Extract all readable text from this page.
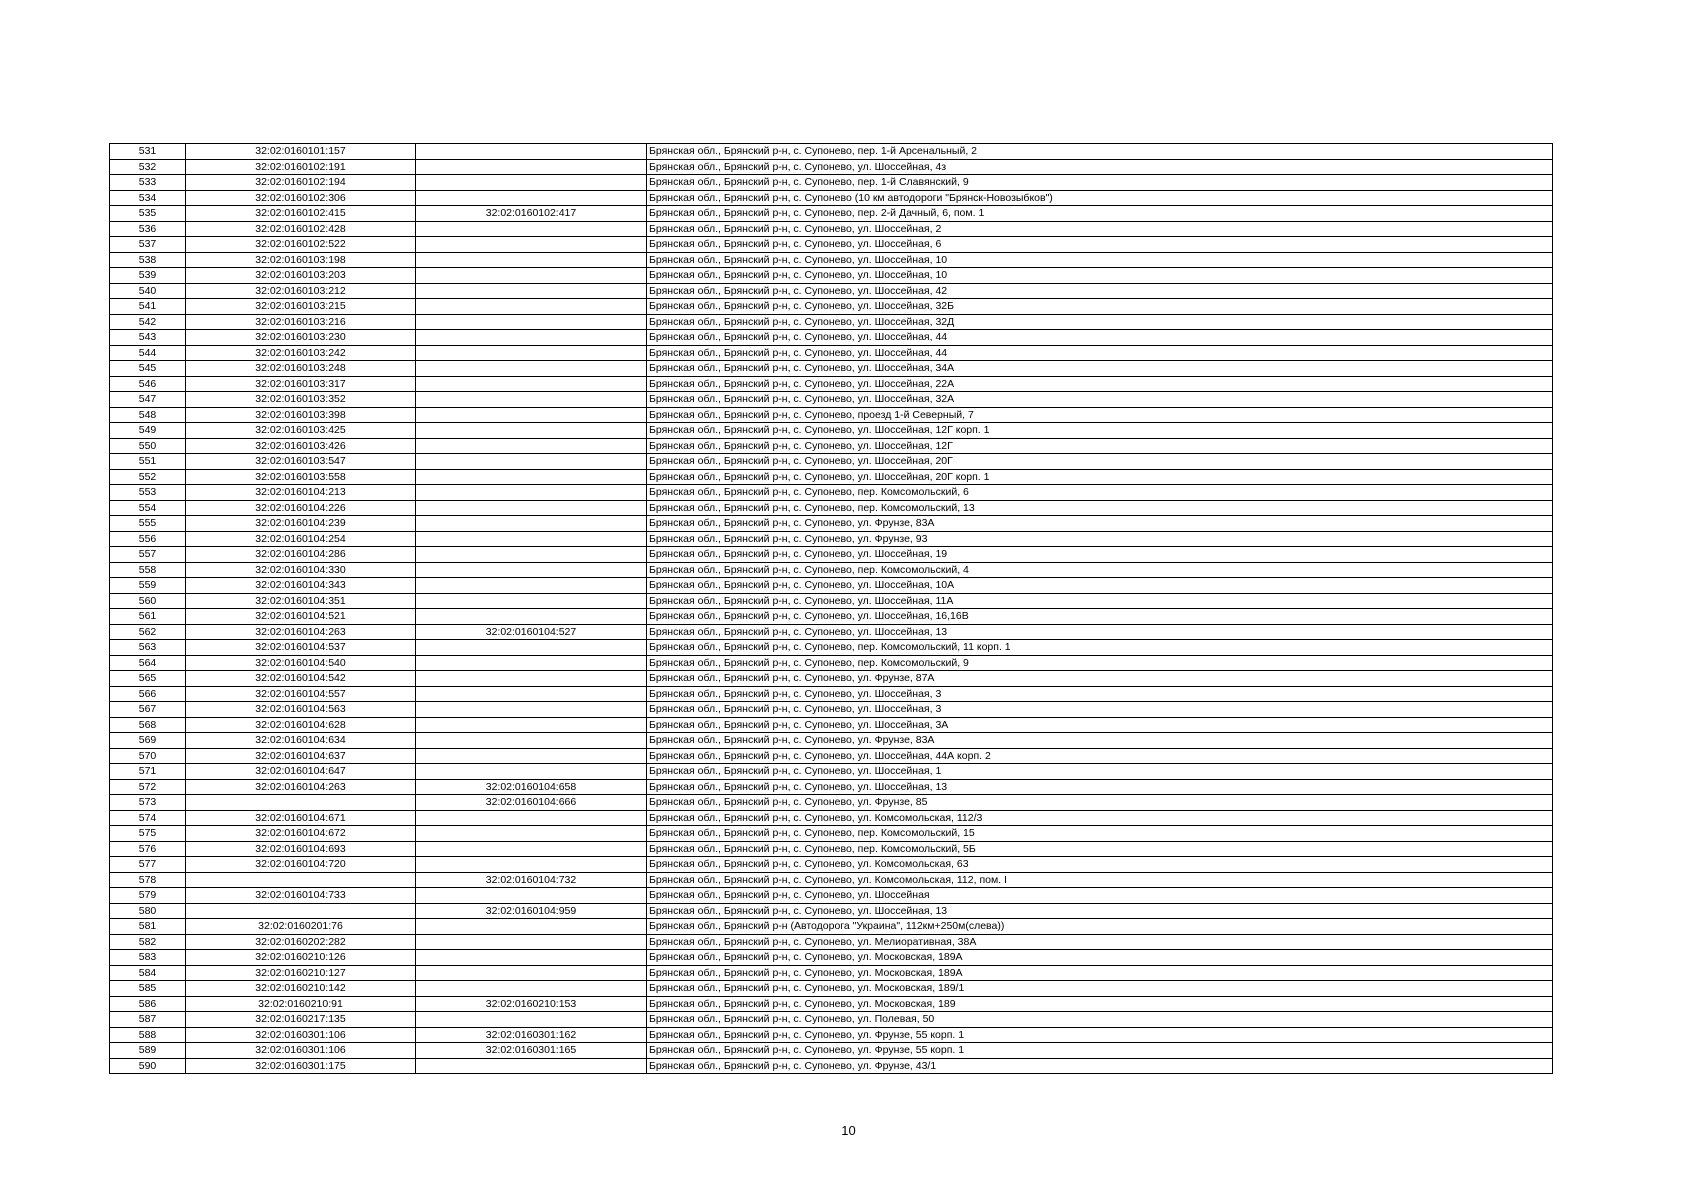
531	32:02:0160101:157		Брянская обл., Брянский р-н, с. Супонево, пер. 1-й Арсенальный, 2
532	32:02:0160102:191		Брянская обл., Брянский р-н, с. Супонево, ул. Шоссейная, 4з
533	32:02:0160102:194		Брянская обл., Брянский р-н, с. Супонево, пер. 1-й Славянский, 9
534	32:02:0160102:306		Брянская обл., Брянский р-н, с. Супонево (10 км автодороги "Брянск-Новозыбков")
535	32:02:0160102:415	32:02:0160102:417	Брянская обл., Брянский р-н, с. Супонево, пер. 2-й Дачный, 6, пом. 1
536	32:02:0160102:428		Брянская обл., Брянский р-н, с. Супонево, ул. Шоссейная, 2
537	32:02:0160102:522		Брянская обл., Брянский р-н, с. Супонево, ул. Шоссейная, 6
538	32:02:0160103:198		Брянская обл., Брянский р-н, с. Супонево, ул. Шоссейная, 10
539	32:02:0160103:203		Брянская обл., Брянский р-н, с. Супонево, ул. Шоссейная, 10
540	32:02:0160103:212		Брянская обл., Брянский р-н, с. Супонево, ул. Шоссейная, 42
541	32:02:0160103:215		Брянская обл., Брянский р-н, с. Супонево, ул. Шоссейная, 32Б
542	32:02:0160103:216		Брянская обл., Брянский р-н, с. Супонево, ул. Шоссейная, 32Д
543	32:02:0160103:230		Брянская обл., Брянский р-н, с. Супонево, ул. Шоссейная, 44
544	32:02:0160103:242		Брянская обл., Брянский р-н, с. Супонево, ул. Шоссейная, 44
545	32:02:0160103:248		Брянская обл., Брянский р-н, с. Супонево, ул. Шоссейная, 34А
546	32:02:0160103:317		Брянская обл., Брянский р-н, с. Супонево, ул. Шоссейная, 22А
547	32:02:0160103:352		Брянская обл., Брянский р-н, с. Супонево, ул. Шоссейная, 32А
548	32:02:0160103:398		Брянская обл., Брянский р-н, с. Супонево, проезд 1-й Северный, 7
549	32:02:0160103:425		Брянская обл., Брянский р-н, с. Супонево, ул. Шоссейная, 12Г корп. 1
550	32:02:0160103:426		Брянская обл., Брянский р-н, с. Супонево, ул. Шоссейная, 12Г
551	32:02:0160103:547		Брянская обл., Брянский р-н, с. Супонево, ул. Шоссейная, 20Г
552	32:02:0160103:558		Брянская обл., Брянский р-н, с. Супонево, ул. Шоссейная, 20Г корп. 1
553	32:02:0160104:213		Брянская обл., Брянский р-н, с. Супонево, пер. Комсомольский, 6
554	32:02:0160104:226		Брянская обл., Брянский р-н, с. Супонево, пер. Комсомольский, 13
555	32:02:0160104:239		Брянская обл., Брянский р-н, с. Супонево, ул. Фрунзе, 83А
556	32:02:0160104:254		Брянская обл., Брянский р-н, с. Супонево, ул. Фрунзе, 93
557	32:02:0160104:286		Брянская обл., Брянский р-н, с. Супонево, ул. Шоссейная, 19
558	32:02:0160104:330		Брянская обл., Брянский р-н, с. Супонево, пер. Комсомольский, 4
559	32:02:0160104:343		Брянская обл., Брянский р-н, с. Супонево, ул. Шоссейная, 10А
560	32:02:0160104:351		Брянская обл., Брянский р-н, с. Супонево, ул. Шоссейная, 11А
561	32:02:0160104:521		Брянская обл., Брянский р-н, с. Супонево, ул. Шоссейная, 16,16В
562	32:02:0160104:263	32:02:0160104:527	Брянская обл., Брянский р-н, с. Супонево, ул. Шоссейная, 13
563	32:02:0160104:537		Брянская обл., Брянский р-н, с. Супонево, пер. Комсомольский, 11 корп. 1
564	32:02:0160104:540		Брянская обл., Брянский р-н, с. Супонево, пер. Комсомольский, 9
565	32:02:0160104:542		Брянская обл., Брянский р-н, с. Супонево, ул. Фрунзе, 87А
566	32:02:0160104:557		Брянская обл., Брянский р-н, с. Супонево, ул. Шоссейная, 3
567	32:02:0160104:563		Брянская обл., Брянский р-н, с. Супонево, ул. Шоссейная, 3
568	32:02:0160104:628		Брянская обл., Брянский р-н, с. Супонево, ул. Шоссейная, 3А
569	32:02:0160104:634		Брянская обл., Брянский р-н, с. Супонево, ул. Фрунзе, 83А
570	32:02:0160104:637		Брянская обл., Брянский р-н, с. Супонево, ул. Шоссейная, 44А корп. 2
571	32:02:0160104:647		Брянская обл., Брянский р-н, с. Супонево, ул. Шоссейная, 1
572	32:02:0160104:263	32:02:0160104:658	Брянская обл., Брянский р-н, с. Супонево, ул. Шоссейная, 13
573		32:02:0160104:666	Брянская обл., Брянский р-н, с. Супонево, ул. Фрунзе, 85
574	32:02:0160104:671		Брянская обл., Брянский р-н, с. Супонево, ул. Комсомольская, 112/3
575	32:02:0160104:672		Брянская обл., Брянский р-н, с. Супонево, пер. Комсомольский, 15
576	32:02:0160104:693		Брянская обл., Брянский р-н, с. Супонево, пер. Комсомольский, 5Б
577	32:02:0160104:720		Брянская обл., Брянский р-н, с. Супонево, ул. Комсомольская, 63
578		32:02:0160104:732	Брянская обл., Брянский р-н, с. Супонево, ул. Комсомольская, 112, пом. I
579	32:02:0160104:733		Брянская обл., Брянский р-н, с. Супонево, ул. Шоссейная
580		32:02:0160104:959	Брянская обл., Брянский р-н, с. Супонево, ул. Шоссейная, 13
581	32:02:0160201:76		Брянская обл., Брянский р-н (Автодорога "Украина", 112км+250м(слева))
582	32:02:0160202:282		Брянская обл., Брянский р-н, с. Супонево, ул. Мелиоративная, 38А
583	32:02:0160210:126		Брянская обл., Брянский р-н, с. Супонево, ул. Московская, 189А
584	32:02:0160210:127		Брянская обл., Брянский р-н, с. Супонево, ул. Московская, 189А
585	32:02:0160210:142		Брянская обл., Брянский р-н, с. Супонево, ул. Московская, 189/1
586	32:02:0160210:91	32:02:0160210:153	Брянская обл., Брянский р-н, с. Супонево, ул. Московская, 189
587	32:02:0160217:135		Брянская обл., Брянский р-н, с. Супонево, ул. Полевая, 50
588	32:02:0160301:106	32:02:0160301:162	Брянская обл., Брянский р-н, с. Супонево, ул. Фрунзе, 55 корп. 1
589	32:02:0160301:106	32:02:0160301:165	Брянская обл., Брянский р-н, с. Супонево, ул. Фрунзе, 55 корп. 1
590	32:02:0160301:175		Брянская обл., Брянский р-н, с. Супонево, ул. Фрунзе, 43/1
10
